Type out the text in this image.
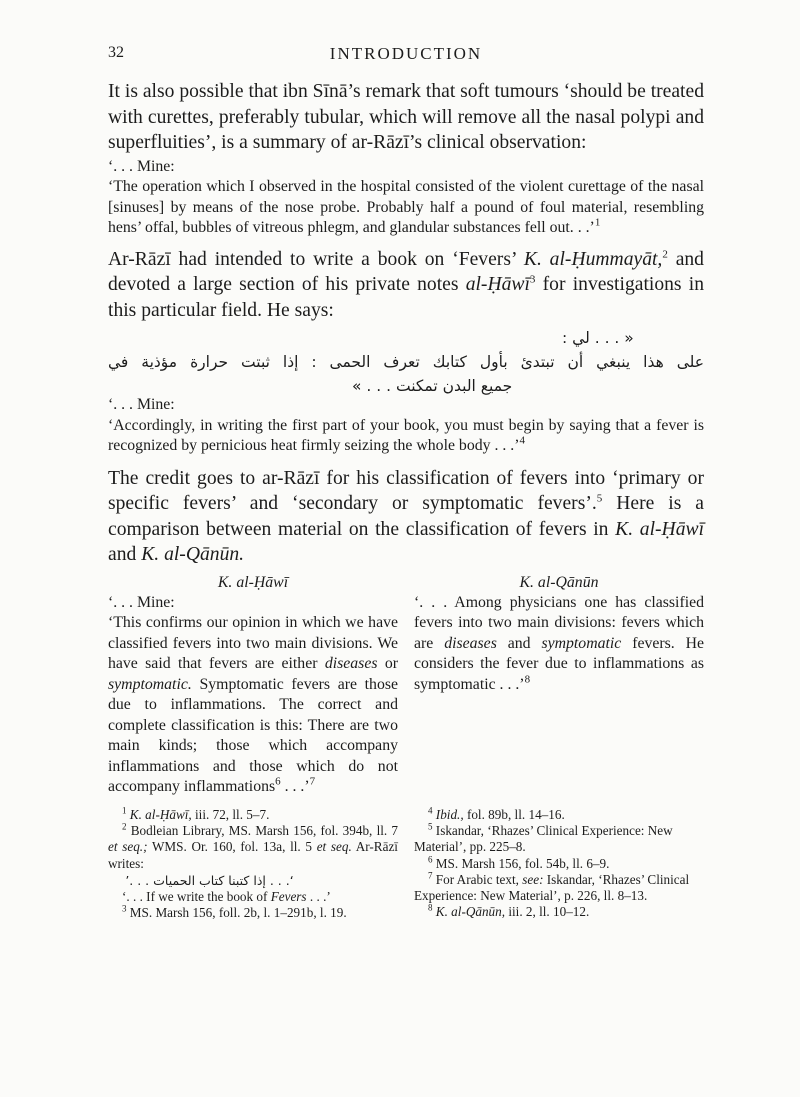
32	INTRODUCTION

It is also possible that ibn Sīnā’s remark that soft tumours ‘should be treated with curettes, preferably tubular, which will remove all the nasal polypi and superfluities’, is a summary of ar-Rāzī’s clinical observation:

‘. . . Mine:

‘The operation which I observed in the hospital consisted of the violent curettage of the nasal [sinuses] by means of the nose probe. Probably half a pound of foul material, resembling hens’ offal, bubbles of vitreous phlegm, and glandular substances fell out. . .’$^1$

Ar-Rāzī had intended to write a book on ‘Fevers’ K. al-Ḥummayāt,$^2$ and devoted a large section of his private notes al-Ḥāwī$^3$ for investigations in this particular field. He says:

« . . . لي :

على هذا ينبغي أن تبتدئ بأول كتابك تعرف الحمى : إذا ثبتت حرارة مؤذية في

جميع البدن تمكنت . . . »

‘. . . Mine:

‘Accordingly, in writing the first part of your book, you must begin by saying that a fever is recognized by pernicious heat firmly seizing the whole body . . .’$^4$

The credit goes to ar-Rāzī for his classification of fevers into ‘primary or specific fevers’ and ‘secondary or symptomatic fevers’.$^5$ Here is a comparison between material on the classification of fevers in K. al-Ḥāwī and K. al-Qānūn.

K. al-Ḥāwī

‘. . . Mine:

‘This confirms our opinion in which we have classified fevers into two main divisions. We have said that fevers are either diseases or symptomatic. Symptomatic fevers are those due to inflammations. The correct and complete classification is this: There are two main kinds; those which accompany inflammations and those which do not accompany inflammations$^6$ . . .’$^7$

K. al-Qānūn

‘. . . Among physicians one has classified fevers into two main divisions: fevers which are diseases and symptomatic fevers. He considers the fever due to inflammations as symptomatic . . .’$^8$

$^1$ K. al-Ḥāwī, iii. 72, ll. 5–7.

$^2$ Bodleian Library, MS. Marsh 156, fol. 394b, ll. 7 et seq.; WMS. Or. 160, fol. 13a, ll. 5 et seq. Ar-Rāzī writes:

‘. . . إذا كتبنا كتاب الحميات . . .’

‘. . . If we write the book of Fevers . . .’

$^3$ MS. Marsh 156, foll. 2b, l. 1–291b, l. 19.

$^4$ Ibid., fol. 89b, ll. 14–16.

$^5$ Iskandar, ‘Rhazes’ Clinical Experience: New Material’, pp. 225–8.

$^6$ MS. Marsh 156, fol. 54b, ll. 6–9.

$^7$ For Arabic text, see: Iskandar, ‘Rhazes’ Clinical Experience: New Material’, p. 226, ll. 8–13.

$^8$ K. al-Qānūn, iii. 2, ll. 10–12.
